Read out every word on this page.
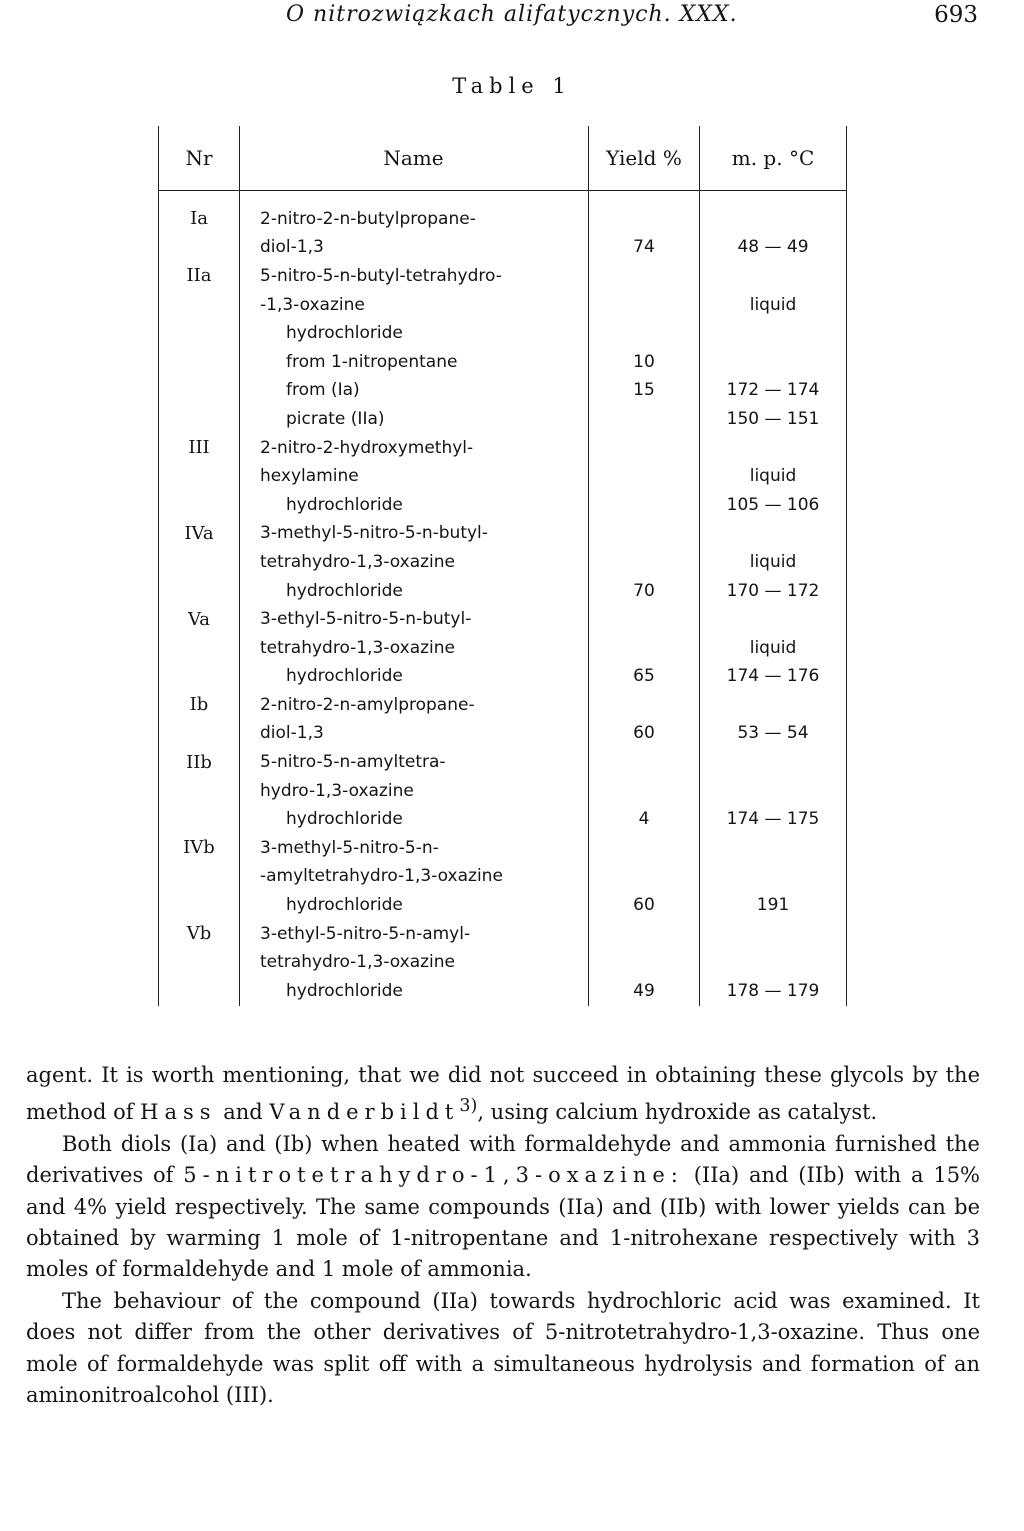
O nitrozwiązkach alifatycznych. XXX.	693
Table 1
Nr	Name	Yield %	m. p. °C
Ia	2-nitro-2-n-butylpropane-		
	diol-1,3	74	48 — 49
IIa	5-nitro-5-n-butyl-tetrahydro-		
	-1,3-oxazine		liquid
	hydrochloride		
	from 1-nitropentane	10	
	from (Ia)	15	172 — 174
	picrate (IIa)		150 — 151
III	2-nitro-2-hydroxymethyl-		
	hexylamine		liquid
	hydrochloride		105 — 106
IVa	3-methyl-5-nitro-5-n-butyl-		
	tetrahydro-1,3-oxazine		liquid
	hydrochloride	70	170 — 172
Va	3-ethyl-5-nitro-5-n-butyl-		
	tetrahydro-1,3-oxazine		liquid
	hydrochloride	65	174 — 176
Ib	2-nitro-2-n-amylpropane-		
	diol-1,3	60	53 — 54
IIb	5-nitro-5-n-amyltetra-		
	hydro-1,3-oxazine		
	hydrochloride	4	174 — 175
IVb	3-methyl-5-nitro-5-n-		
	-amyltetrahydro-1,3-oxazine		
	hydrochloride	60	191
Vb	3-ethyl-5-nitro-5-n-amyl-		
	tetrahydro-1,3-oxazine		
	hydrochloride	49	178 — 179

agent. It is worth mentioning, that we did not succeed in obtaining these glycols by the method of Hass and Vanderbildt$^{3)}$, using calcium hydroxide as catalyst.

Both diols (Ia) and (Ib) when heated with formaldehyde and ammonia furnished the derivatives of 5-nitrotetrahydro-1,3-oxazine: (IIa) and (IIb) with a 15% and 4% yield respectively. The same compounds (IIa) and (IIb) with lower yields can be obtained by warming 1 mole of 1-nitropentane and 1-nitrohexane respectively with 3 moles of formaldehyde and 1 mole of ammonia.

The behaviour of the compound (IIa) towards hydrochloric acid was examined. It does not differ from the other derivatives of 5-nitrotetrahydro-1,3-oxazine. Thus one mole of formaldehyde was split off with a simultaneous hydrolysis and formation of an aminonitroalcohol (III).
